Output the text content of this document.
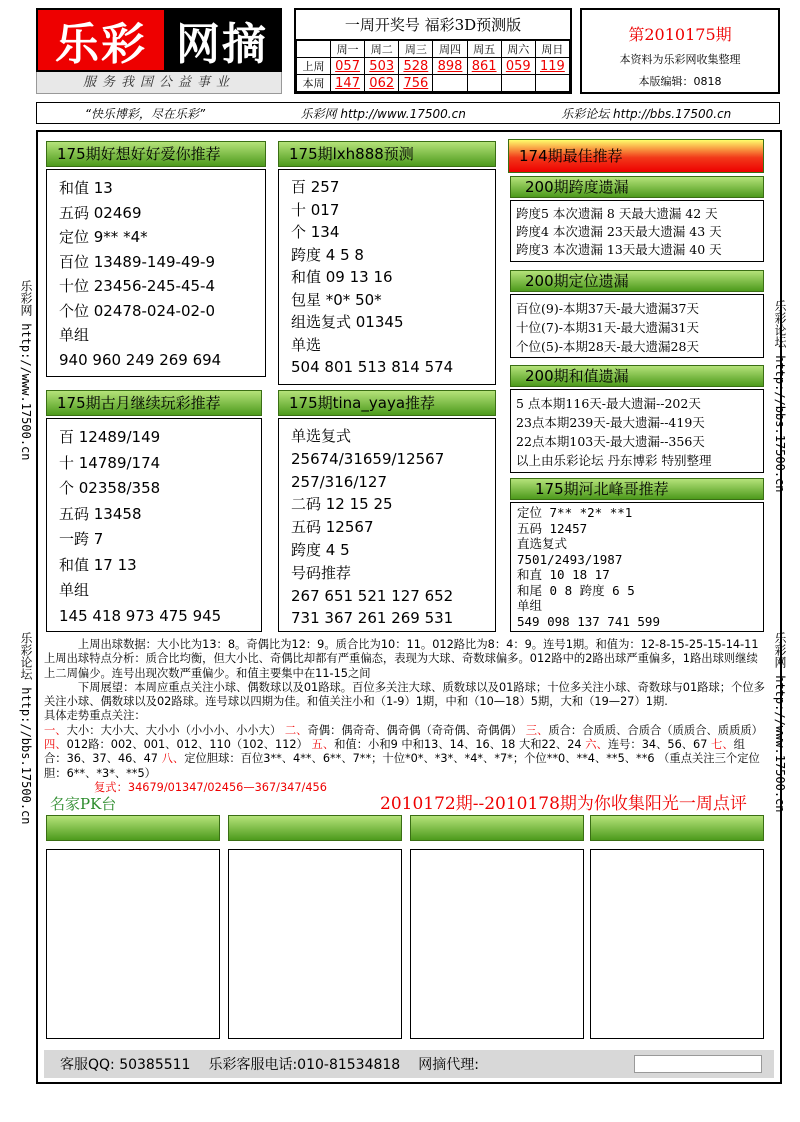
乐彩 网摘
服务我国公益事业
一周开奖号 福彩3D预测版
	周一	周二	周三	周四	周五	周六	周日
上周	057	503	528	898	861	059	119
本周	147	062	756				
第2010175期
本资料为乐彩网收集整理
本版编辑：0818
“快乐博彩，尽在乐彩”	乐彩网 http://www.17500.cn	乐彩论坛 http://bbs.17500.cn
乐彩网 http://www.17500.cn
乐彩论坛 http://bbs.17500.cn
乐彩论坛 http://bbs.17500.cn
乐彩网 http://www.17500.cn
175期好想好好爱你推荐
和值 13
五码 02469
定位 9** *4*
百位 13489-149-49-9
十位 23456-245-45-4
个位 02478-024-02-0
单组
940 960 249 269 694
175期lxh888预测
百 257
十 017
个 134
跨度 4 5 8
和值 09 13 16
包星 *0* 50*
组选复式 01345
单选
504 801 513 814 574
175期古月继续玩彩推荐
百 12489/149
十 14789/174
个 02358/358
五码 13458
一跨 7
和值 17 13
单组
145 418 973 475 945
175期tina_yaya推荐
单选复式
25674/31659/12567
257/316/127
二码 12 15 25
五码 12567
跨度 4 5
号码推荐
267 651 521 127 652
731 367 261 269 531
174期最佳推荐
200期跨度遗漏
跨度5 本次遗漏 8 天最大遗漏 42 天
跨度4 本次遗漏 23天最大遗漏 43 天
跨度3 本次遗漏 13天最大遗漏 40 天
200期定位遗漏
百位(9)-本期37天-最大遗漏37天
十位(7)-本期31天-最大遗漏31天
个位(5)-本期28天-最大遗漏28天
200期和值遗漏
5 点本期116天-最大遗漏--202天
23点本期239天-最大遗漏--419天
22点本期103天-最大遗漏--356天
以上由乐彩论坛 丹东博彩 特别整理
175期河北峰哥推荐
定位 7** *2* **1
五码 12457
直选复式
7501/2493/1987
和直 10 18 17
和尾 0 8 跨度 6 5
单组
549 098 137 741 599

上周出球数据：大小比为13：8。奇偶比为12：9。质合比为10：11。012路比为8：4：9。连号1期。和值为：12-8-15-25-15-14-11 上周出球特点分析：质合比均衡，但大小比、奇偶比却都有严重偏态，表现为大球、奇数球偏多。012路中的2路出球严重偏多，1路出球则继续上二周偏少。连号出现次数严重偏少。和值主要集中在11-15之间

下周展望：本周应重点关注小球、偶数球以及01路球。百位多关注大球、质数球以及01路球；十位多关注小球、奇数球与01路球；个位多关注小球、偶数球以及02路球。连号球以四期为佳。和值关注小和（1-9）1期，中和（10—18）5期，大和（19—27）1期.

具体走势重点关注：

一、大小：大小大、大小小（小小小、小小大） 二、奇偶：偶奇奇、偶奇偶（奇奇偶、奇偶偶） 三、质合：合质质、合质合（质质合、质质质） 四、012路：002、001、012、110（102、112） 五、和值：小和9 中和13、14、16、18 大和22、24 六、连号：34、56、67 七、组合：36、37、46、47 八、定位胆球：百位3**、4**、6**、7**；十位*0*、*3*、*4*、*7*；个位**0、**4、**5、**6 （重点关注三个定位胆：6**、*3*、**5）

复式：34679/01347/02456—367/347/456

名家PK台	2010172期--2010178期为你收集阳光一周点评
客服QQ: 50385511 乐彩客服电话:010-81534818 网摘代理:
